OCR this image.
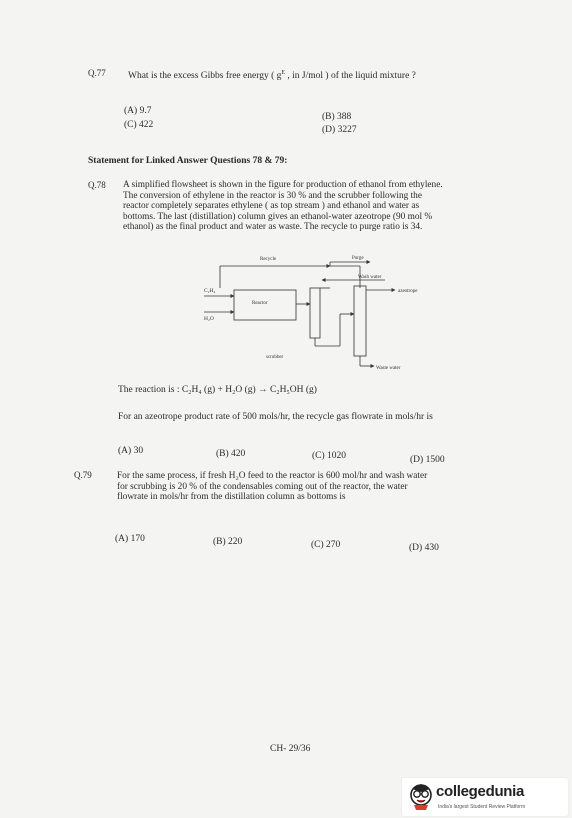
Q.77 What is the excess Gibbs free energy ( $g^E$ , in J/mol ) of the liquid mixture ?
(A) 9.7
(C) 422
(B) 388
(D) 3227
Statement for Linked Answer Questions 78 & 79:
Q.78 A simplified flowsheet is shown in the figure for production of ethanol from ethylene.
The conversion of ethylene in the reactor is 30 % and the scrubber following the
reactor completely separates ethylene ( as top stream ) and ethanol and water as
bottoms. The last (distillation) column gives an ethanol-water azeotrope (90 mol %
ethanol) as the final product and water as waste. The recycle to purge ratio is 34.
Recycle	Purge
Wash water
azeotrope
C₂H₄
H₂O
Reactor
scrubber
Waste water
The reaction is : C₂H₄ (g) + H₂O (g) → C₂H₅OH (g)
For an azeotrope product rate of 500 mols/hr, the recycle gas flowrate in mols/hr is
(A) 30	(B) 420	(C) 1020	(D) 1500
Q.79	For the same process, if fresh H₂O feed to the reactor is 600 mol/hr and wash water
for scrubbing is 20 % of the condensables coming out of the reactor, the water
flowrate in mols/hr from the distillation column as bottoms is
(A) 170	(B) 220	(C) 270	(D) 430
CH- 29/36
collegedunia
India's largest Student Review Platform
